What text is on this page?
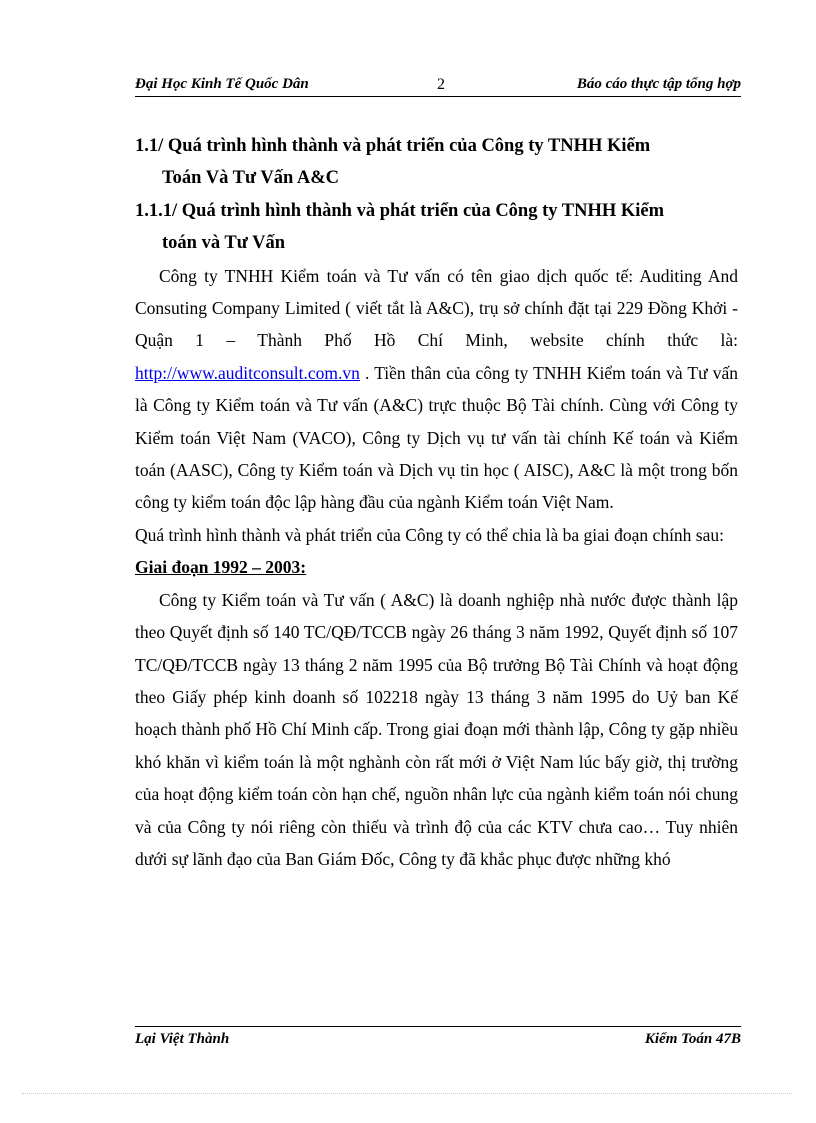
Đại Học Kinh Tế Quốc Dân	2	Báo cáo thực tập tổng hợp
1.1/ Quá trình hình thành và phát triển của Công ty TNHH Kiểm
Toán Và Tư Vấn A&C
1.1.1/ Quá trình hình thành và phát triển của Công ty TNHH Kiểm
toán và Tư Vấn

Công ty TNHH Kiểm toán và Tư vấn có tên giao dịch quốc tế: Auditing And Consuting Company Limited ( viết tắt là A&C), trụ sở chính đặt tại 229 Đồng Khởi - Quận 1 – Thành Phố Hồ Chí Minh, website chính thức là: http://www.auditconsult.com.vn . Tiền thân của công ty TNHH Kiểm toán và Tư vấn là Công ty Kiểm toán và Tư vấn (A&C) trực thuộc Bộ Tài chính. Cùng với Công ty Kiểm toán Việt Nam (VACO), Công ty Dịch vụ tư vấn tài chính Kế toán và Kiểm toán (AASC), Công ty Kiểm toán và Dịch vụ tin học ( AISC), A&C là một trong bốn công ty kiểm toán độc lập hàng đầu của ngành Kiểm toán Việt Nam.

Quá trình hình thành và phát triển của Công ty có thể chia là ba giai đoạn chính sau:

Giai đoạn 1992 – 2003:

Công ty Kiểm toán và Tư vấn ( A&C) là doanh nghiệp nhà nước được thành lập theo Quyết định số 140 TC/QĐ/TCCB ngày 26 tháng 3 năm 1992, Quyết định số 107 TC/QĐ/TCCB ngày 13 tháng 2 năm 1995 của Bộ trưởng Bộ Tài Chính và hoạt động theo Giấy phép kinh doanh số 102218 ngày 13 tháng 3 năm 1995 do Uỷ ban Kế hoạch thành phố Hồ Chí Minh cấp. Trong giai đoạn mới thành lập, Công ty gặp nhiều khó khăn vì kiểm toán là một nghành còn rất mới ở Việt Nam lúc bấy giờ, thị trường của hoạt động kiểm toán còn hạn chế, nguồn nhân lực của ngành kiểm toán nói chung và của Công ty nói riêng còn thiếu và trình độ của các KTV chưa cao… Tuy nhiên dưới sự lãnh đạo của Ban Giám Đốc, Công ty đã khắc phục được những khó

Lại Việt Thành	Kiểm Toán 47B
